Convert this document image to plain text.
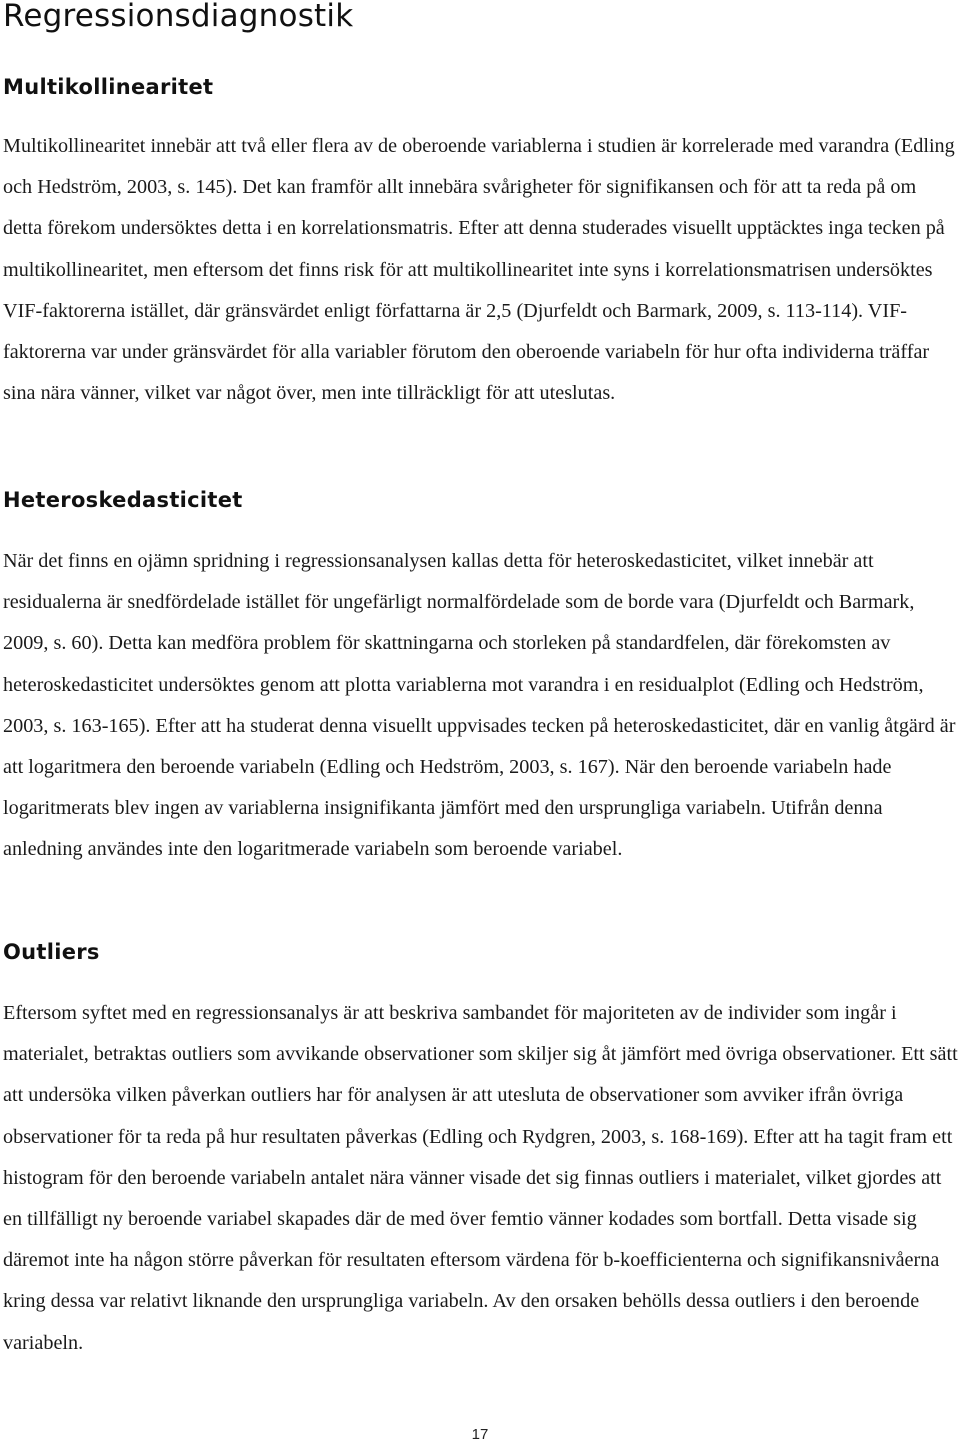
Regressionsdiagnostik
Multikollinearitet

Multikollinearitet innebär att två eller flera av de oberoende variablerna i studien är korrelerade med varandra (Edling och Hedström, 2003, s. 145). Det kan framför allt innebära svårigheter för signifikansen och för att ta reda på om detta förekom undersöktes detta i en korrelationsmatris. Efter att denna studerades visuellt upptäcktes inga tecken på multikollinearitet, men eftersom det finns risk för att multikollinearitet inte syns i korrelationsmatrisen undersöktes VIF-faktorerna istället, där gränsvärdet enligt författarna är 2,5 (Djurfeldt och Barmark, 2009, s. 113-114). VIF-faktorerna var under gränsvärdet för alla variabler förutom den oberoende variabeln för hur ofta individerna träffar sina nära vänner, vilket var något över, men inte tillräckligt för att uteslutas.

Heteroskedasticitet

När det finns en ojämn spridning i regressionsanalysen kallas detta för heteroskedasticitet, vilket innebär att residualerna är snedfördelade istället för ungefärligt normalfördelade som de borde vara (Djurfeldt och Barmark, 2009, s. 60). Detta kan medföra problem för skattningarna och storleken på standardfelen, där förekomsten av heteroskedasticitet undersöktes genom att plotta variablerna mot varandra i en residualplot (Edling och Hedström, 2003, s. 163-165). Efter att ha studerat denna visuellt uppvisades tecken på heteroskedasticitet, där en vanlig åtgärd är att logaritmera den beroende variabeln (Edling och Hedström, 2003, s. 167). När den beroende variabeln hade logaritmerats blev ingen av variablerna insignifikanta jämfört med den ursprungliga variabeln. Utifrån denna anledning användes inte den logaritmerade variabeln som beroende variabel.

Outliers

Eftersom syftet med en regressionsanalys är att beskriva sambandet för majoriteten av de individer som ingår i materialet, betraktas outliers som avvikande observationer som skiljer sig åt jämfört med övriga observationer. Ett sätt att undersöka vilken påverkan outliers har för analysen är att utesluta de observationer som avviker ifrån övriga observationer för ta reda på hur resultaten påverkas (Edling och Rydgren, 2003, s. 168-169). Efter att ha tagit fram ett histogram för den beroende variabeln antalet nära vänner visade det sig finnas outliers i materialet, vilket gjordes att en tillfälligt ny beroende variabel skapades där de med över femtio vänner kodades som bortfall. Detta visade sig däremot inte ha någon större påverkan för resultaten eftersom värdena för b-koefficienterna och signifikansnivåerna kring dessa var relativt liknande den ursprungliga variabeln. Av den orsaken behölls dessa outliers i den beroende variabeln.

17
